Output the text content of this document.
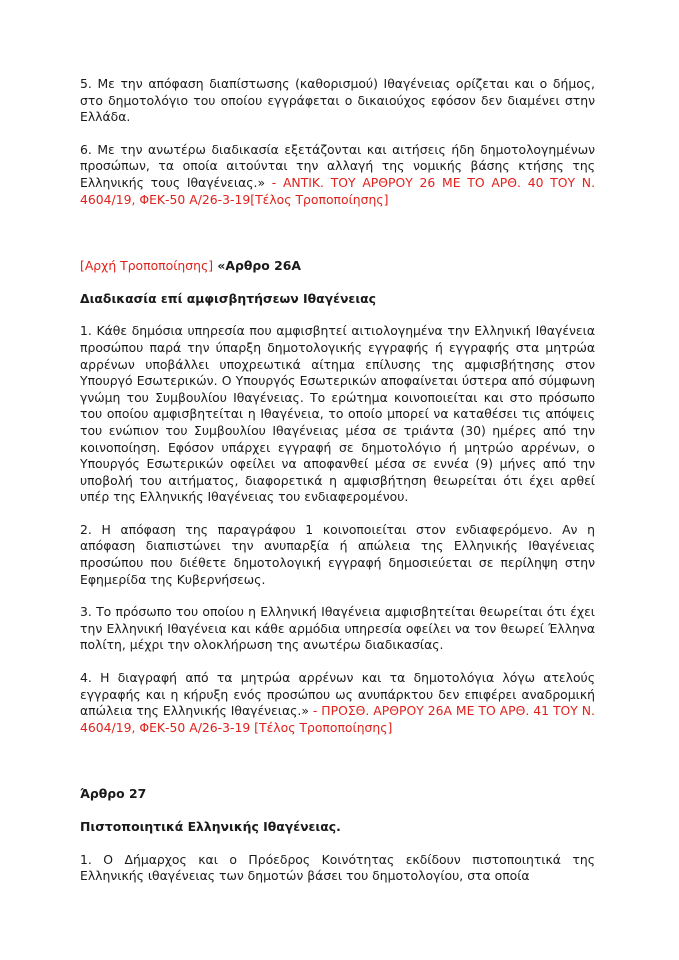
5. Με την απόφαση διαπίστωσης (καθορισμού) Ιθαγένειας ορίζεται και ο δήμος, στο δημοτολόγιο του οποίου εγγράφεται ο δικαιούχος εφόσον δεν διαμένει στην Ελλάδα.

6. Με την ανωτέρω διαδικασία εξετάζονται και αιτήσεις ήδη δημοτολογημένων προσώπων, τα οποία αιτούνται την αλλαγή της νομικής βάσης κτήσης της Ελληνικής τους Ιθαγένειας.» - ΑΝΤΙΚ. ΤΟΥ ΑΡΘΡΟΥ 26 ΜΕ ΤΟ ΑΡΘ. 40 ΤΟΥ Ν. 4604/19, ΦΕΚ-50 Α/26-3-19[Τέλος Τροποποίησης]

[Αρχή Τροποποίησης] «Αρθρο 26Α

Διαδικασία επί αμφισβητήσεων Ιθαγένειας

1. Κάθε δημόσια υπηρεσία που αμφισβητεί αιτιολογημένα την Ελληνική Ιθαγένεια προσώπου παρά την ύπαρξη δημοτολογικής εγγραφής ή εγγραφής στα μητρώα αρρένων υποβάλλει υποχρεωτικά αίτημα επίλυσης της αμφισβήτησης στον Υπουργό Εσωτερικών. Ο Υπουργός Εσωτερικών αποφαίνεται ύστερα από σύμφωνη γνώμη του Συμβουλίου Ιθαγένειας. Το ερώτημα κοινοποιείται και στο πρόσωπο του οποίου αμφισβητείται η Ιθαγένεια, το οποίο μπορεί να καταθέσει τις απόψεις του ενώπιον του Συμβουλίου Ιθαγένειας μέσα σε τριάντα (30) ημέρες από την κοινοποίηση. Εφόσον υπάρχει εγγραφή σε δημοτολόγιο ή μητρώο αρρένων, ο Υπουργός Εσωτερικών οφείλει να αποφανθεί μέσα σε εννέα (9) μήνες από την υποβολή του αιτήματος, διαφορετικά η αμφισβήτηση θεωρείται ότι έχει αρθεί υπέρ της Ελληνικής Ιθαγένειας του ενδιαφερομένου.

2. Η απόφαση της παραγράφου 1 κοινοποιείται στον ενδιαφερόμενο. Αν η απόφαση διαπιστώνει την ανυπαρξία ή απώλεια της Ελληνικής Ιθαγένειας προσώπου που διέθετε δημοτολογική εγγραφή δημοσιεύεται σε περίληψη στην Εφημερίδα της Κυβερνήσεως.

3. Το πρόσωπο του οποίου η Ελληνική Ιθαγένεια αμφισβητείται θεωρείται ότι έχει την Ελληνική Ιθαγένεια και κάθε αρμόδια υπηρεσία οφείλει να τον θεωρεί Έλληνα πολίτη, μέχρι την ολοκλήρωση της ανωτέρω διαδικασίας.

4. Η διαγραφή από τα μητρώα αρρένων και τα δημοτολόγια λόγω ατελούς εγγραφής και η κήρυξη ενός προσώπου ως ανυπάρκτου δεν επιφέρει αναδρομική απώλεια της Ελληνικής Ιθαγένειας.» - ΠΡΟΣΘ. ΑΡΘΡΟΥ 26Α ΜΕ ΤΟ ΑΡΘ. 41 ΤΟΥ Ν. 4604/19, ΦΕΚ-50 Α/26-3-19 [Τέλος Τροποποίησης]

Άρθρο 27

Πιστοποιητικά Ελληνικής Ιθαγένειας.

1. Ο Δήμαρχος και ο Πρόεδρος Κοινότητας εκδίδουν πιστοποιητικά της Ελληνικής ιθαγένειας των δημοτών βάσει του δημοτολογίου, στα οποία
